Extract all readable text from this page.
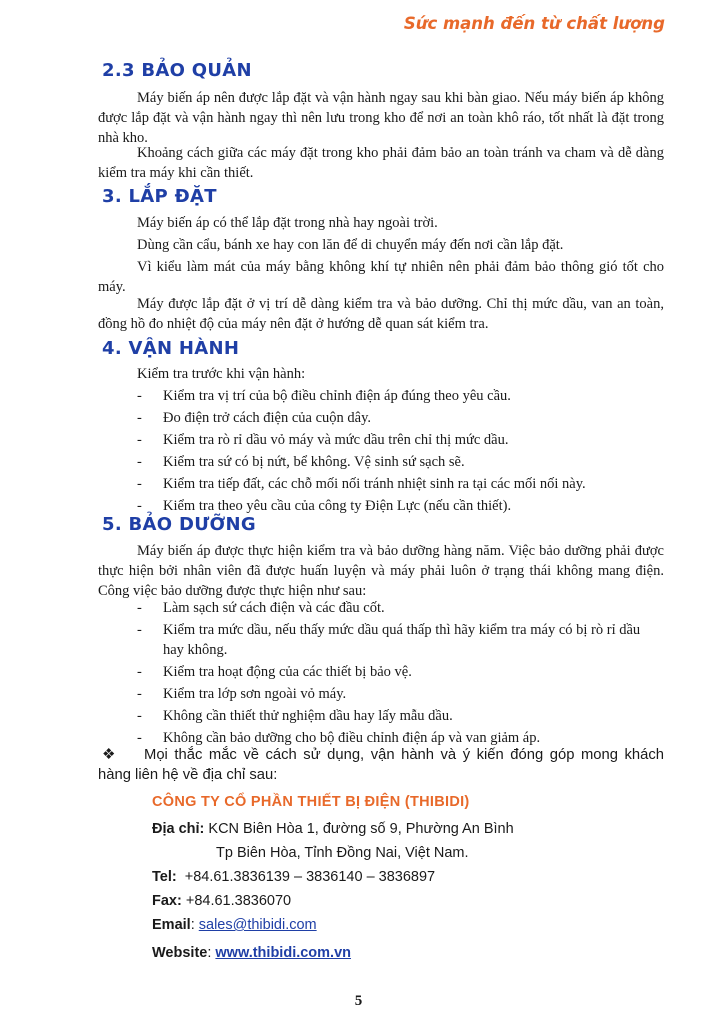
Sức mạnh đến từ chất lượng
2.3 BẢO QUẢN

Máy biến áp nên được lắp đặt và vận hành ngay sau khi bàn giao. Nếu máy biến áp không được lắp đặt và vận hành ngay thì nên lưu trong kho để nơi an toàn khô ráo, tốt nhất là đặt trong nhà kho.

Khoảng cách giữa các máy đặt trong kho phải đảm bảo an toàn tránh va cham và dễ dàng kiểm tra máy khi cần thiết.

3. LẮP ĐẶT

Máy biến áp có thể lắp đặt trong nhà hay ngoài trời.

Dùng cần cẩu, bánh xe hay con lăn để di chuyển máy đến nơi cần lắp đặt.

Vì kiểu làm mát của máy bằng không khí tự nhiên nên phải đảm bảo thông gió tốt cho máy.

Máy được lắp đặt ở vị trí dễ dàng kiểm tra và bảo dưỡng. Chỉ thị mức dầu, van an toàn, đồng hồ đo nhiệt độ của máy nên đặt ở hướng dễ quan sát kiểm tra.

4. VẬN HÀNH

Kiểm tra trước khi vận hành:

- Kiểm tra vị trí của bộ điều chỉnh điện áp đúng theo yêu cầu.
- Đo điện trở cách điện của cuộn dây.
- Kiểm tra rò rỉ dầu vỏ máy và mức dầu trên chỉ thị mức dầu.
- Kiểm tra sứ có bị nứt, bể không. Vệ sinh sứ sạch sẽ.
- Kiểm tra tiếp đất, các chỗ mối nối tránh nhiệt sinh ra tại các mối nối này.
- Kiểm tra theo yêu cầu của công ty Điện Lực (nếu cần thiết).
5. BẢO DƯỠNG

Máy biến áp được thực hiện kiểm tra và bảo dưỡng hàng năm. Việc bảo dưỡng phải được thực hiện bởi nhân viên đã được huấn luyện và máy phải luôn ở trạng thái không mang điện. Công việc bảo dưỡng được thực hiện như sau:

- Làm sạch sứ cách điện và các đầu cốt.
- Kiểm tra mức dầu, nếu thấy mức dầu quá thấp thì hãy kiểm tra máy có bị rò rỉ dầu hay không.
- Kiểm tra hoạt động của các thiết bị bảo vệ.
- Kiểm tra lớp sơn ngoài vỏ máy.
- Không cần thiết thử nghiệm dầu hay lấy mẫu dầu.
- Không cần bảo dưỡng cho bộ điều chỉnh điện áp và van giảm áp.
❖	Mọi thắc mắc về cách sử dụng, vận hành và ý kiến đóng góp mong khách hàng liên hệ về địa chỉ sau:

CÔNG TY CỔ PHẦN THIẾT BỊ ĐIỆN (THIBIDI)
Địa chỉ: KCN Biên Hòa 1, đường số 9, Phường An Bình
Tp Biên Hòa, Tỉnh Đồng Nai, Việt Nam.
Tel: +84.61.3836139 – 3836140 – 3836897
Fax: +84.61.3836070
Email: sales@thibidi.com
Website: www.thibidi.com.vn
5
